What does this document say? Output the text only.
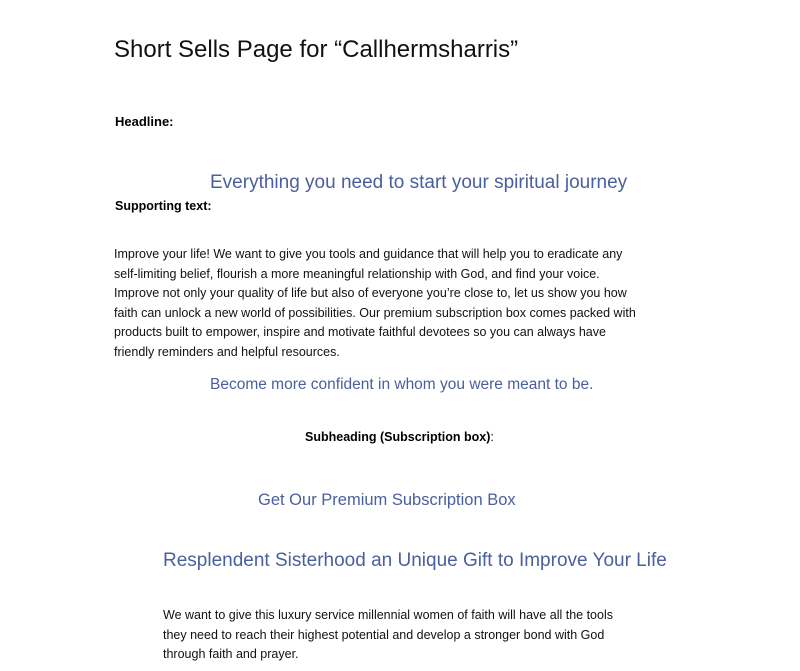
Short Sells Page for “Callhermsharris”
Headline:
Everything you need to start your spiritual journey
Supporting text:
Improve your life! We want to give you tools and guidance that will help you to eradicate any
self-limiting belief, flourish a more meaningful relationship with God, and find your voice.
Improve not only your quality of life but also of everyone you’re close to, let us show you how
faith can unlock a new world of possibilities. Our premium subscription box comes packed with
products built to empower, inspire and motivate faithful devotees so you can always have
friendly reminders and helpful resources.
Become more confident in whom you were meant to be.
Subheading (Subscription box):
Get Our Premium Subscription Box
Resplendent Sisterhood an Unique Gift to Improve Your Life
We want to give this luxury service millennial women of faith will have all the tools
they need to reach their highest potential and develop a stronger bond with God
through faith and prayer.
